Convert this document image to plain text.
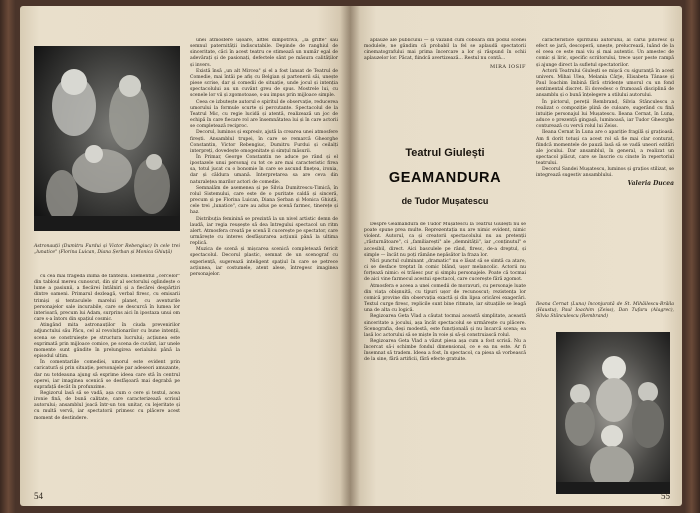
Astronauții (Dumitru Furdui și Victor Rebengiuc) în cele trei „lunatice" (Florina Luican, Diana Șerban și Monica Ghiuță)

cu cea mai fragedă inimă de fanteziu. Elementul „cercelor" din tabloul mereu cunoscut, din șir al sectorului oglindește o lume a pasiunii, a fiecărei întâlniri și a fiecărei despărțiri dintre oameni. Primarul dezleagă, verbal firesc, cu emisarii trimiși și tentaculele marelui planet, cu aventurile personajelor sale incurabile, care se descurcă în lumea lor interioară, precum lui Adam, surprins aici în ipostaza unui om care s-a întors din spațiul cosmic.

Atingând mita astronauților în ciuda prevenirilor adjunctului său Pâcu, cel al revoluționarilor cu bune intenții, scena se construiește pe structura lucrului; acțiunea este exprimată prin mijloace comice, pe scena de cuvânt, iar unele momente sunt gândite în prelungirea serialului până la episodul ultim.

În comentariile comediei, umorul este evident prin caricatură și prin situație, personajele par adeseori amuzante, dar nu totdeauna ajung să exprime ideea care stă în centrul operei, iar imaginea scenică se desfășoară mai degrabă pe suprafață decât în profunzime.

Regizorul lasă să se vadă, așa cum o cere și textul, acea ironie fină, de bună calitate, care caracterizează scrisul autorului; ansamblul joacă într-un ton unitar, cu lejeritate și cu multă vervă, iar spectatorii primesc cu plăcere acest moment de destindere.

unei atmosfere ușoare, altfel dimpotrivă, „la griffe" sau semnul paternității indiscutabile. Depinde de ranghiul de sinceritate, căci în acest teatru ce stimează un număr egal de adevărați și de pasionați, defectele sânt pe măsura calităților și invers.

Există însă „un alt Mircea" și el a fost lansat de Teatrul de Comedie, mai întâi pe afiș cu Belgian și partenerii săi, unește piese scrise, dar și comedii de situație, unde jocul și intenția spectacolului au un cuvânt greu de spus. Mostrele lui, cu scenele lor vii și zgomotoase, s-au impus prin mijloace simple.

Ceea ce izbutește autorul e spiritul de observație, reducerea umorului la formule scurte și percutante. Spectacolul de la Teatrul Mic, cu regie lucidă și atentă, realizează un joc de echipă în care fiecare rol are însemnătatea lui și în care actorii se completează reciproc.

Decorul, luminos și expresiv, ajută la crearea unei atmosfere firești. Ansamblul trupei, în care se remarcă Gheorghe Constantin, Victor Rebengiuc, Dumitru Furdui și ceilalți interpreți, dovedește omogenitate și simțul măsurii.

În Primar, George Constantin ne aduce pe rând și el ipostazele unui personaj cu tot ce are mai caracteristic firea sa, totul jucat cu o bonomie în care se ascund finețea, ironia, dar și căldura umană. Interpretarea sa are ceva din naturalețea marilor actori de comedie.

Semnalăm de asemenea și pe Silvia Dumitrescu-Timică, în rolul Sistemului, care este de o puritate caldă și sinceră, precum și pe Florina Luican, Diana Șerban și Monica Ghiuță, cele trei „lunatice", care au adus pe scenă farmec, tinerețe și haz.

Distribuția feminină se prezintă la un nivel artistic demn de laudă, iar regia reușește să dea întregului spectacol un ritm alert. Atmosfera creată pe scenă îl cucerește pe spectator, care urmărește cu interes desfășurarea acțiunii până la ultima replică.

Muzica de scenă și mișcarea scenică completează fericit spectacolul. Decorul plastic, semnat de un scenograf cu experiență, sugerează inteligent spațiul în care se petrece acțiunea, iar costumele, atent alese, întregesc imaginea personajelor.

54

aplauze ale publicului — și văzând cum coboară din podul scenei modulele, ne gândim că probabil la fel se aplaudă spectatorii cinematografului mai prima încercare a lor și răspund în ochii aplauzelor lor. Păcat, fiindcă avertizează... Restul nu contă...

MIRA IOSIF

Teatrul Giulești
GEAMANDURA
de Tudor Mușatescu

Despre Geamandura de Tudor Mușatescu la Teatrul Giulești nu se poate spune prea multe. Reprezentația nu are nimic evident, nimic violent. Autorul, ca și creatorii spectacolului nu au pretenții „răsturnătoare", ci „familiarești" ale „demnității", iar „conținutul" e accesibil, direct. Aici basculele pe rând, firesc, de-a dreptul, și simple — încât nu poți rămâne nepăsător la fraza lor.

Nici punctul culminant „dramatic" nu e lăsat să se simtă ca atare, ci se desface treptat în comic blând, ușor melancolic. Actorii nu forțează nimic: ei trăiesc pur și simplu personajele. Poate că tocmai de aici vine farmecul acestui spectacol, care cucerește fără zgomot.

Atmosfera e aceea a unei comedii de moravuri, cu personaje luate din viața obișnuită, cu tipuri ușor de recunoscut; rezistența lor comică provine din observația exactă și din lipsa oricărei exagerări. Textul curge firesc, replicile sunt bine ritmate, iar situațiile se leagă una de alta cu logică.

Regizoarea Geta Vlad a căutat tocmai această simplitate, această sinceritate a jocului, așa încât spectacolul se urmărește cu plăcere. Scenografia, deși modestă, este funcțională și nu încarcă scena; ea lasă loc actorului să se miște în voie și să-și construiască rolul.

Regizoarea Geta Vlad a văzut piesa așa cum a fost scrisă. Nu a încercat să-i schimbe fondul dimensional, ce e ea nu este. Ar fi însemnat să tradem. Ideea a fost, în spectacol, ca piesa să vorbească de la sine, fără artificii, fără efecte gratuite.

caracteristice spiritului autorului, al cărui pitoresc și efect se jară, descoperă, unește, prelucrează, luând de la el ceea ce este mai viu și mai autentic. Un amestec de comic și liric, specific scriitorului, trece ușor peste rampă și ajunge direct la sufletul spectatorilor.

Actorii Teatrului Giulești se mișcă cu siguranță în acest univers. Mihai Ulea, Melania Cârje, Elisabeta Tănase și Paul Ioachim îmbină fără stridențe umorul cu un fond sentimental discret. Ei dovedesc o frumoasă disciplină de ansamblu și o bună înțelegere a stilului autorului.

În pictorul, pereții Rembrand, Silvia Stănculescu a realizat o compoziție plină de culoare, sugerând cu fină intuiție personajul lui Mușatescu. Ileana Cernat, în Luna, aduce o prezență gingașă, luminoasă, iar Tudor Gheorghe conturează cu vervă rolul lui Zeiss.

Ileana Cernat în Luna are o apariție fragilă și grațioasă. Am fi dorit totuși ca acest rol să fie mai clar conturat, fiindcă momentele de pauză lasă să se vadă uneori ezitări ale jocului. Dar ansamblul, în general, a realizat un spectacol plăcut, care se înscrie cu cinste în repertoriul teatrului.

Decorul Sandei Mușatescu, luminos și grațios stilizat, se integrează sugestiv ansamblului.

Valeria Ducea

Ileana Cernat (Luna) înconjurată de St. Mihăilescu-Brăila (Haustu), Paul Ioachim (Zeiss), Dan Tufaru (Alagrec), Silvia Stănculescu (Rembrand)
55
